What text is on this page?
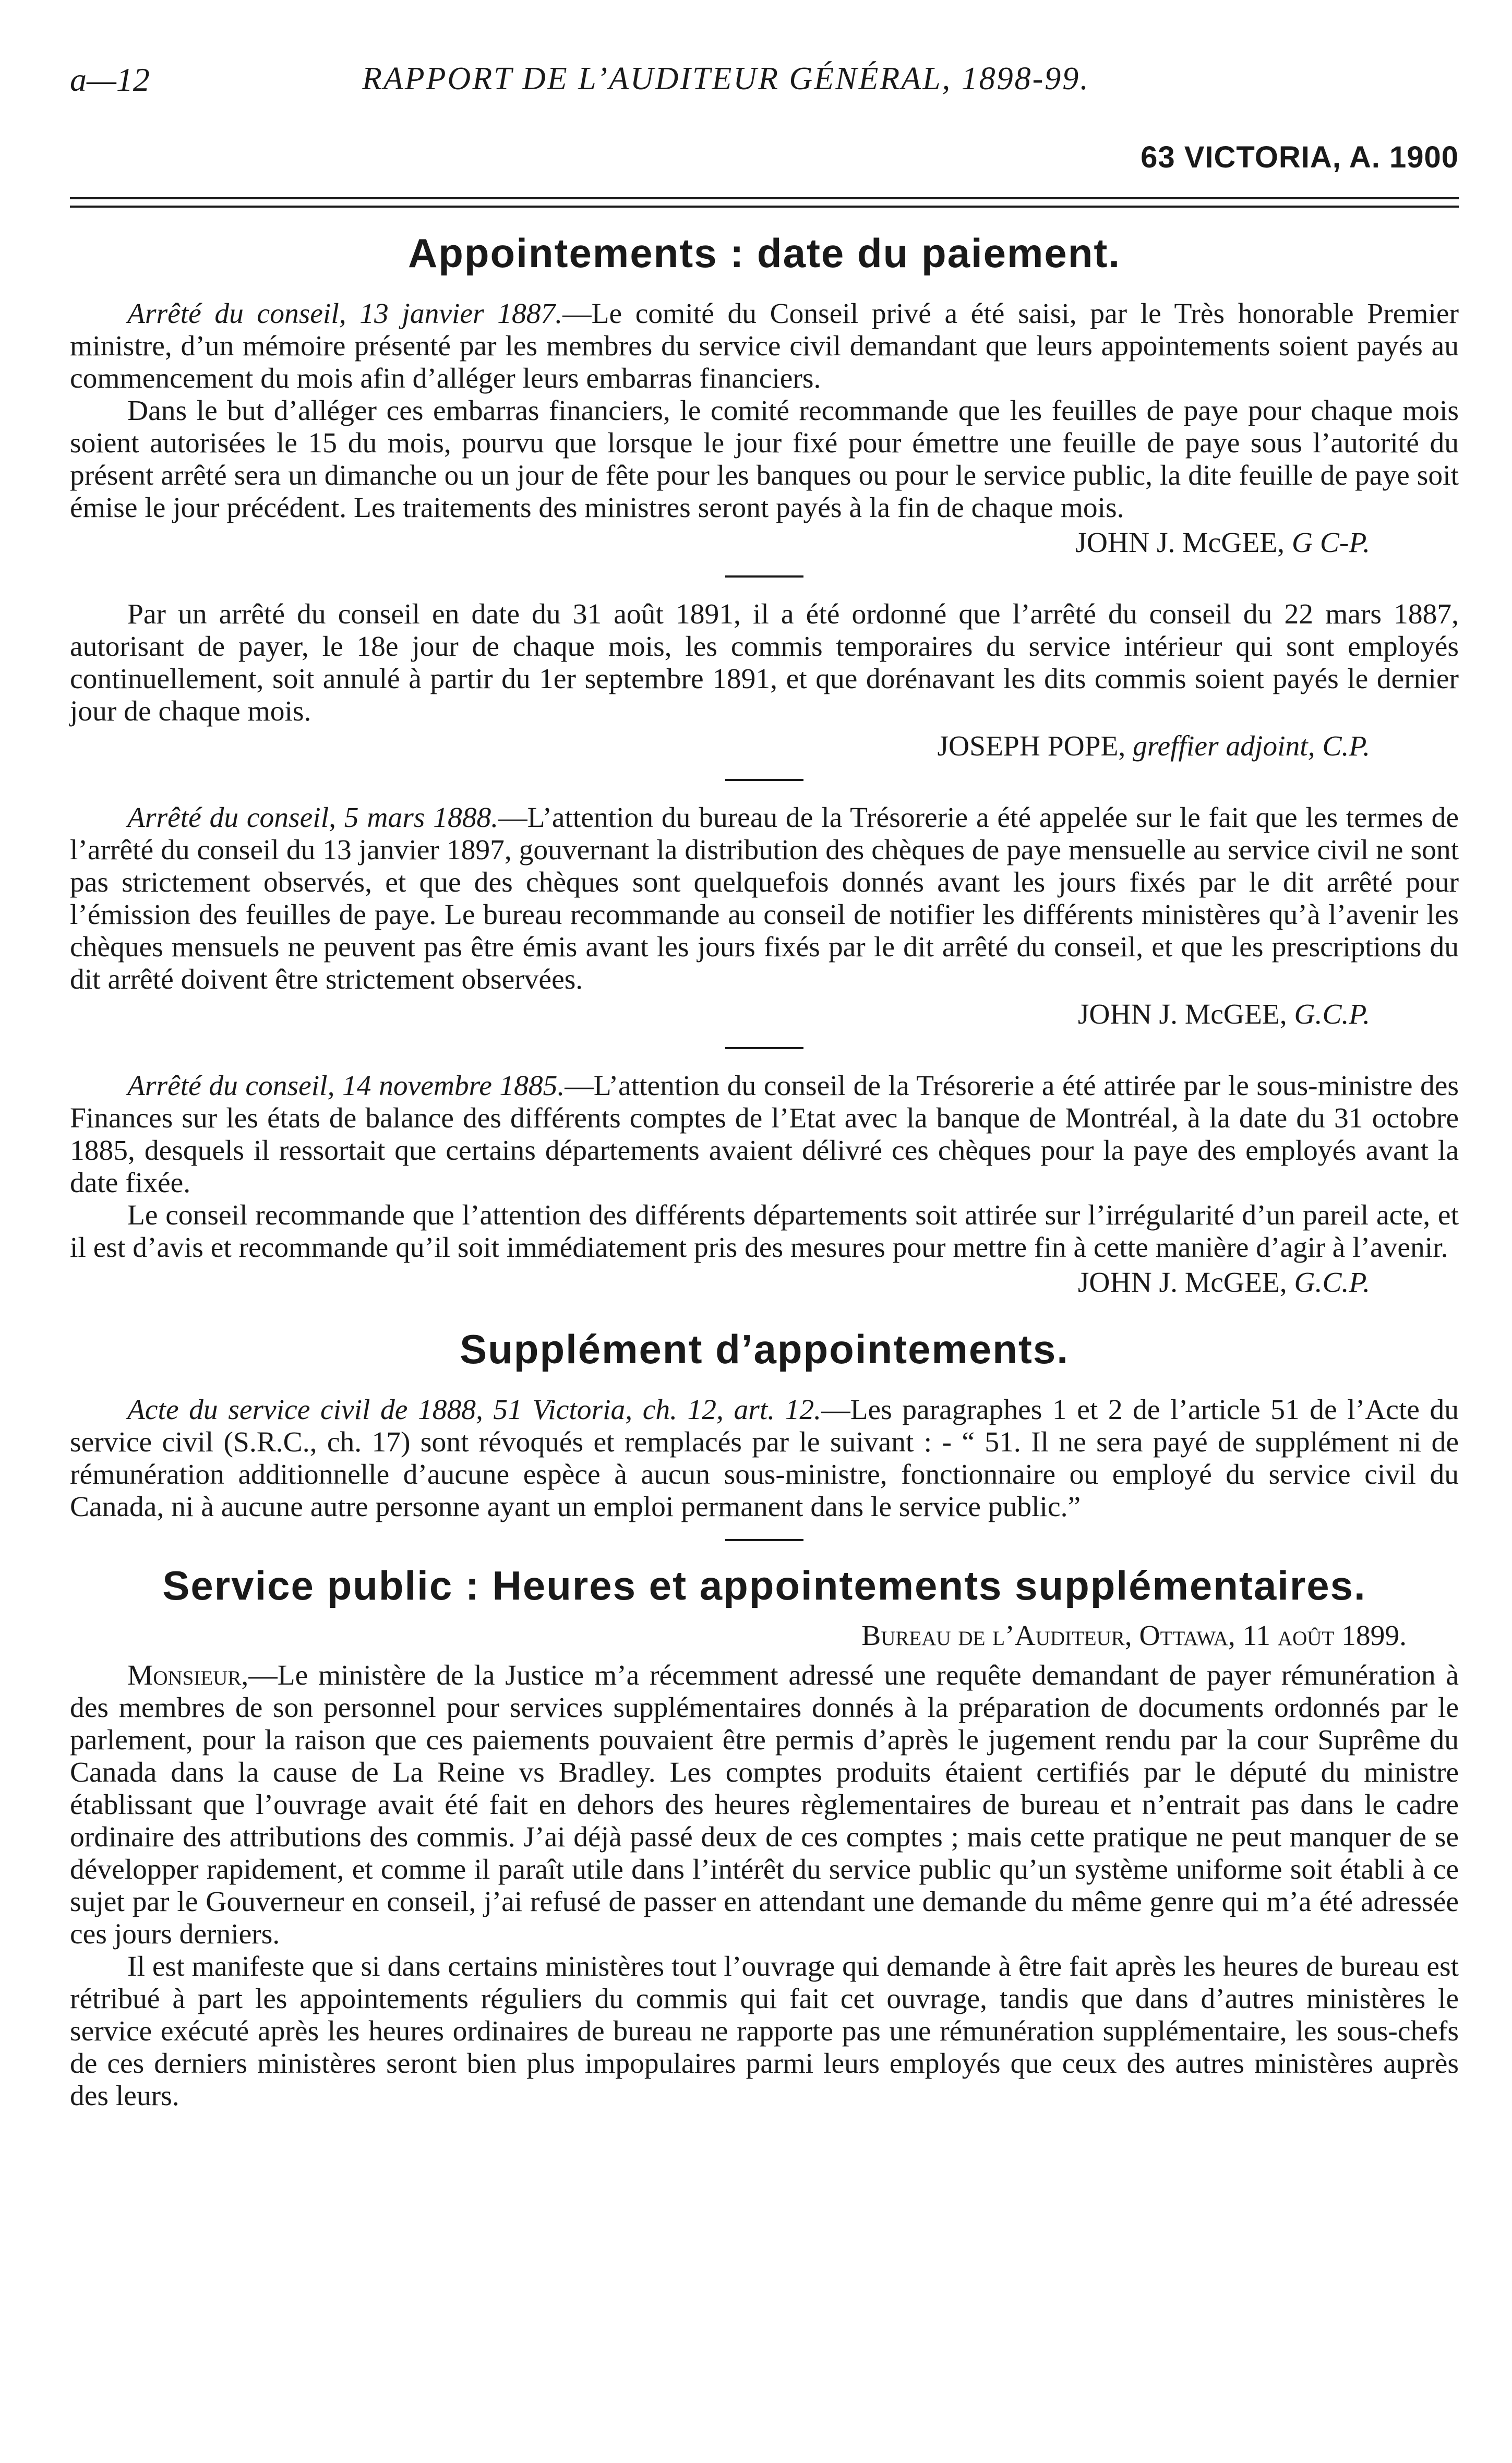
a—12	RAPPORT DE L’AUDITEUR GÉNÉRAL, 1898-99.
63 VICTORIA, A. 1900
Appointements : date du paiement.

Arrêté du conseil, 13 janvier 1887.—Le comité du Conseil privé a été saisi, par le Très honorable Premier ministre, d’un mémoire présenté par les membres du service civil demandant que leurs appointements soient payés au commencement du mois afin d’alléger leurs embarras financiers.

Dans le but d’alléger ces embarras financiers, le comité recommande que les feuilles de paye pour chaque mois soient autorisées le 15 du mois, pourvu que lorsque le jour fixé pour émettre une feuille de paye sous l’autorité du présent arrêté sera un dimanche ou un jour de fête pour les banques ou pour le service public, la dite feuille de paye soit émise le jour précédent. Les traitements des ministres seront payés à la fin de chaque mois.

JOHN J. McGEE, G C-P.

Par un arrêté du conseil en date du 31 août 1891, il a été ordonné que l’arrêté du conseil du 22 mars 1887, autorisant de payer, le 18e jour de chaque mois, les commis temporaires du service intérieur qui sont employés continuellement, soit annulé à partir du 1er septembre 1891, et que dorénavant les dits commis soient payés le dernier jour de chaque mois.

JOSEPH POPE, greffier adjoint, C.P.

Arrêté du conseil, 5 mars 1888.—L’attention du bureau de la Trésorerie a été appelée sur le fait que les termes de l’arrêté du conseil du 13 janvier 1897, gouvernant la distribution des chèques de paye mensuelle au service civil ne sont pas strictement observés, et que des chèques sont quelquefois donnés avant les jours fixés par le dit arrêté pour l’émission des feuilles de paye. Le bureau recommande au conseil de notifier les différents ministères qu’à l’avenir les chèques mensuels ne peuvent pas être émis avant les jours fixés par le dit arrêté du conseil, et que les prescriptions du dit arrêté doivent être strictement observées.

JOHN J. McGEE, G.C.P.

Arrêté du conseil, 14 novembre 1885.—L’attention du conseil de la Trésorerie a été attirée par le sous-ministre des Finances sur les états de balance des différents comptes de l’Etat avec la banque de Montréal, à la date du 31 octobre 1885, desquels il ressortait que certains départements avaient délivré ces chèques pour la paye des employés avant la date fixée.

Le conseil recommande que l’attention des différents départements soit attirée sur l’irrégularité d’un pareil acte, et il est d’avis et recommande qu’il soit immédiatement pris des mesures pour mettre fin à cette manière d’agir à l’avenir.

JOHN J. McGEE, G.C.P.
Supplément d’appointements.

Acte du service civil de 1888, 51 Victoria, ch. 12, art. 12.—Les paragraphes 1 et 2 de l’article 51 de l’Acte du service civil (S.R.C., ch. 17) sont révoqués et remplacés par le suivant : - “ 51. Il ne sera payé de supplément ni de rémunération additionnelle d’aucune espèce à aucun sous-ministre, fonctionnaire ou employé du service civil du Canada, ni à aucune autre personne ayant un emploi permanent dans le service public.”

Service public : Heures et appointements supplémentaires.
Bureau de l’Auditeur, Ottawa, 11 août 1899.

Monsieur,—Le ministère de la Justice m’a récemment adressé une requête demandant de payer rémunération à des membres de son personnel pour services supplémentaires donnés à la préparation de documents ordonnés par le parlement, pour la raison que ces paiements pouvaient être permis d’après le jugement rendu par la cour Suprême du Canada dans la cause de La Reine vs Bradley. Les comptes produits étaient certifiés par le député du ministre établissant que l’ouvrage avait été fait en dehors des heures règlementaires de bureau et n’entrait pas dans le cadre ordinaire des attributions des commis. J’ai déjà passé deux de ces comptes ; mais cette pratique ne peut manquer de se développer rapidement, et comme il paraît utile dans l’intérêt du service public qu’un système uniforme soit établi à ce sujet par le Gouverneur en conseil, j’ai refusé de passer en attendant une demande du même genre qui m’a été adressée ces jours derniers.

Il est manifeste que si dans certains ministères tout l’ouvrage qui demande à être fait après les heures de bureau est rétribué à part les appointements réguliers du commis qui fait cet ouvrage, tandis que dans d’autres ministères le service exécuté après les heures ordinaires de bureau ne rapporte pas une rémunération supplémentaire, les sous-chefs de ces derniers ministères seront bien plus impopulaires parmi leurs employés que ceux des autres ministères auprès des leurs.
